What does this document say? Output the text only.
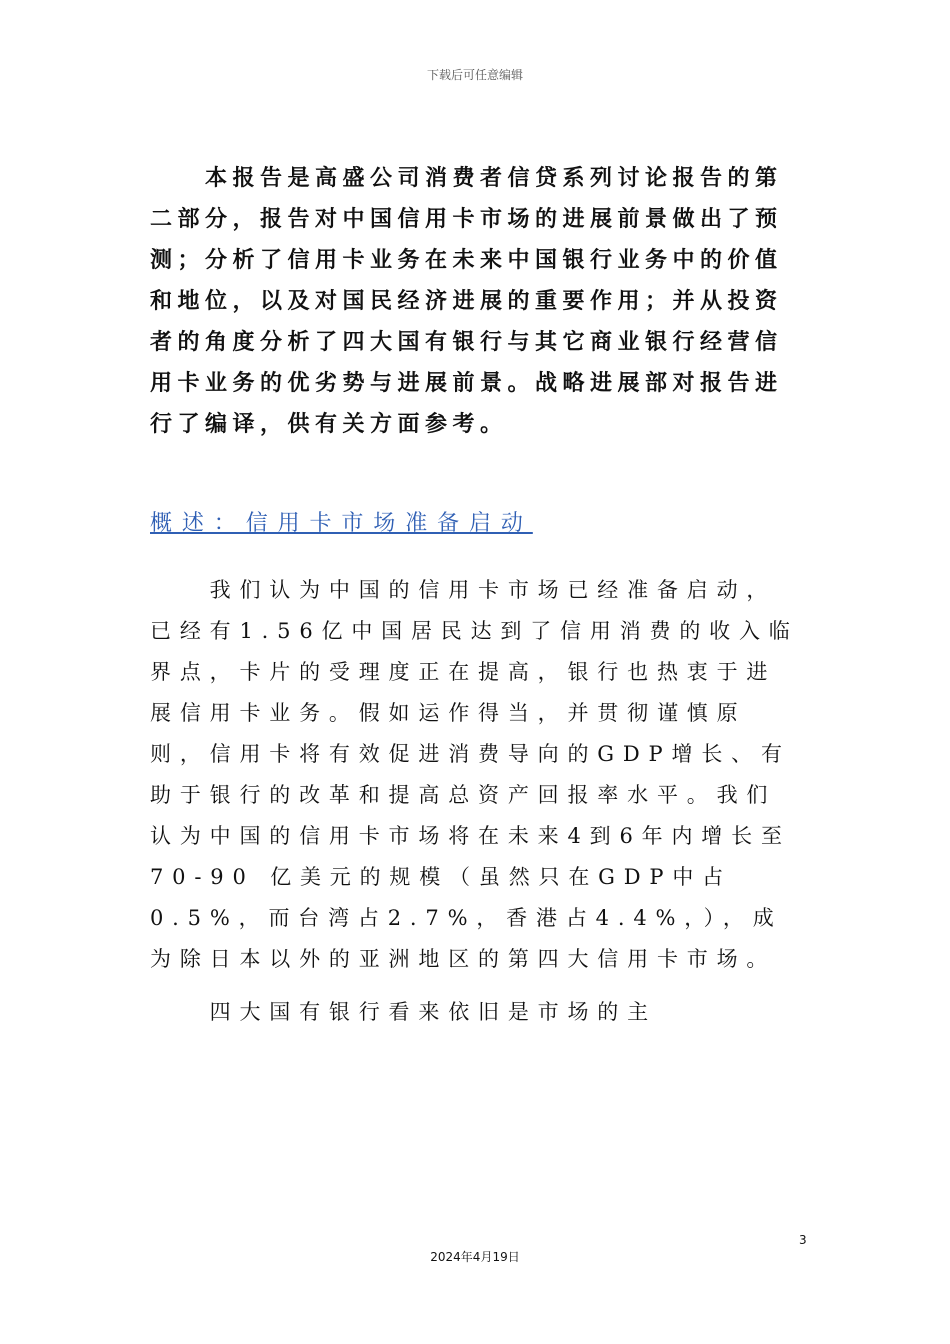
下载后可任意编辑

　　本报告是高盛公司消费者信贷系列讨论报告的第二部分，报告对中国信用卡市场的进展前景做出了预测；分析了信用卡业务在未来中国银行业务中的价值和地位，以及对国民经济进展的重要作用；并从投资者的角度分析了四大国有银行与其它商业银行经营信用卡业务的优劣势与进展前景。战略进展部对报告进行了编译，供有关方面参考。

概述：信用卡市场准备启动

　　我们认为中国的信用卡市场已经准备启动，已经有1.56亿中国居民达到了信用消费的收入临界点，卡片的受理度正在提高，银行也热衷于进展信用卡业务。假如运作得当，并贯彻谨慎原则，信用卡将有效促进消费导向的GDP增长、有助于银行的改革和提高总资产回报率水平。我们认为中国的信用卡市场将在未来4到6年内增长至70-90 亿美元的规模（虽然只在GDP中占0.5%，而台湾占2.7%，香港占4.4%，），成为除日本以外的亚洲地区的第四大信用卡市场。

　　四大国有银行看来依旧是市场的主

3
2024年4月19日
